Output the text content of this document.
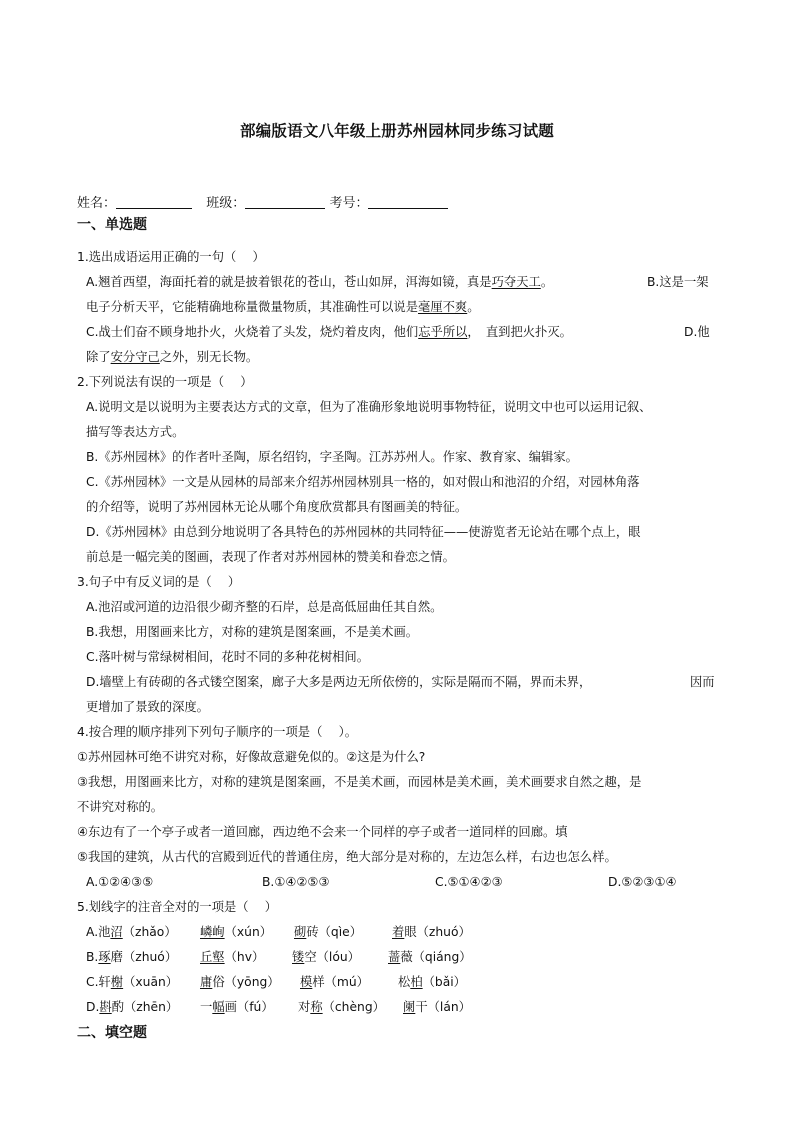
部编版语文八年级上册苏州园林同步练习试题
姓名：	班级：	考号：
一、单选题
1.选出成语运用正确的一句（　 ）
A.翘首西望，海面托着的就是披着银花的苍山，苍山如屏，洱海如镜，真是巧夺天工。	B.这是一架
电子分析天平，它能精确地称量微量物质，其准确性可以说是毫厘不爽。
C.战士们奋不顾身地扑火，火烧着了头发，烧灼着皮肉，他们忘乎所以，　直到把火扑灭。	D.他
除了安分守己之外，别无长物。
2.下列说法有误的一项是（　 ）
A.说明文是以说明为主要表达方式的文章，但为了准确形象地说明事物特征，说明文中也可以运用记叙、
描写等表达方式。
B.《苏州园林》的作者叶圣陶，原名绍钧，字圣陶。江苏苏州人。作家、教育家、编辑家。
C.《苏州园林》一文是从园林的局部来介绍苏州园林别具一格的，如对假山和池沼的介绍，对园林角落
的介绍等，说明了苏州园林无论从哪个角度欣赏都具有图画美的特征。
D.《苏州园林》由总到分地说明了各具特色的苏州园林的共同特征——使游览者无论站在哪个点上，眼
前总是一幅完美的图画，表现了作者对苏州园林的赞美和眷恋之情。
3.句子中有反义词的是（　 ）
A.池沼或河道的边沿很少砌齐整的石岸，总是高低屈曲任其自然。
B.我想，用图画来比方，对称的建筑是图案画，不是美术画。
C.落叶树与常绿树相间，花时不同的多种花树相间。
D.墙壁上有砖砌的各式镂空图案，廊子大多是两边无所依傍的，实际是隔而不隔，界而未界，	因而
更增加了景致的深度。
4.按合理的顺序排列下列句子顺序的一项是（　 ）。
①苏州园林可绝不讲究对称，好像故意避免似的。②这是为什么?
③我想，用图画来比方，对称的建筑是图案画，不是美术画，而园林是美术画，美术画要求自然之趣，是
不讲究对称的。
④东边有了一个亭子或者一道回廊，西边绝不会来一个同样的亭子或者一道同样的回廊。填
⑤我国的建筑，从古代的宫殿到近代的普通住房，绝大部分是对称的，左边怎么样，右边也怎么样。
A.①②④③⑤	B.①④②⑤③	C.⑤①④②③	D.⑤②③①④
5.划线字的注音全对的一项是（　 ）
A.池沼（zhǎo） 嶙峋（xún） 砌砖（qìe） 着眼（zhuó）
B.琢磨（zhuó） 丘壑（hv） 镂空（lóu） 蔷薇（qiáng）
C.轩榭（xuān） 庸俗（yōng） 模样（mú） 松柏（bǎi）
D.斟酌（zhēn） 一幅画（fú） 对称（chèng） 阑干（lán）
二、填空题
